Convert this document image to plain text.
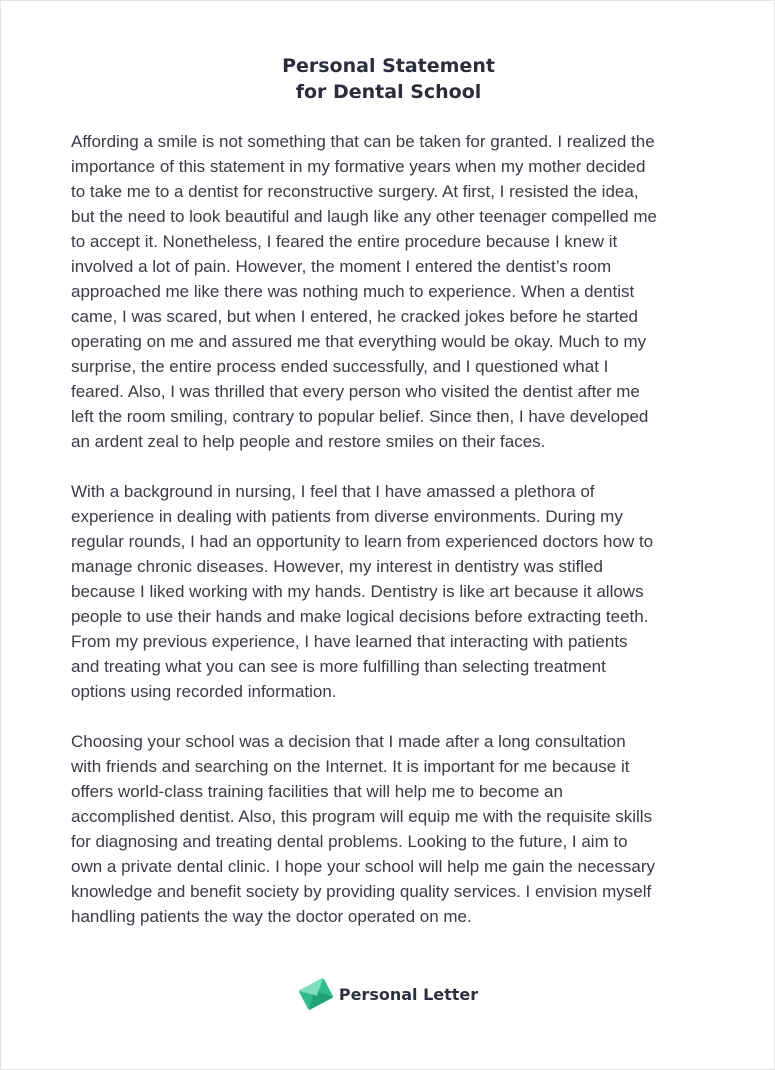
Personal Statement
for Dental School

Affording a smile is not something that can be taken for granted. I realized the
importance of this statement in my formative years when my mother decided
to take me to a dentist for reconstructive surgery. At first, I resisted the idea,
but the need to look beautiful and laugh like any other teenager compelled me
to accept it. Nonetheless, I feared the entire procedure because I knew it
involved a lot of pain. However, the moment I entered the dentist’s room
approached me like there was nothing much to experience. When a dentist
came, I was scared, but when I entered, he cracked jokes before he started
operating on me and assured me that everything would be okay. Much to my
surprise, the entire process ended successfully, and I questioned what I
feared. Also, I was thrilled that every person who visited the dentist after me
left the room smiling, contrary to popular belief. Since then, I have developed
an ardent zeal to help people and restore smiles on their faces.

With a background in nursing, I feel that I have amassed a plethora of
experience in dealing with patients from diverse environments. During my
regular rounds, I had an opportunity to learn from experienced doctors how to
manage chronic diseases. However, my interest in dentistry was stifled
because I liked working with my hands. Dentistry is like art because it allows
people to use their hands and make logical decisions before extracting teeth.
From my previous experience, I have learned that interacting with patients
and treating what you can see is more fulfilling than selecting treatment
options using recorded information.

Choosing your school was a decision that I made after a long consultation
with friends and searching on the Internet. It is important for me because it
offers world-class training facilities that will help me to become an
accomplished dentist. Also, this program will equip me with the requisite skills
for diagnosing and treating dental problems. Looking to the future, I aim to
own a private dental clinic. I hope your school will help me gain the necessary
knowledge and benefit society by providing quality services. I envision myself
handling patients the way the doctor operated on me.

Personal Letter
